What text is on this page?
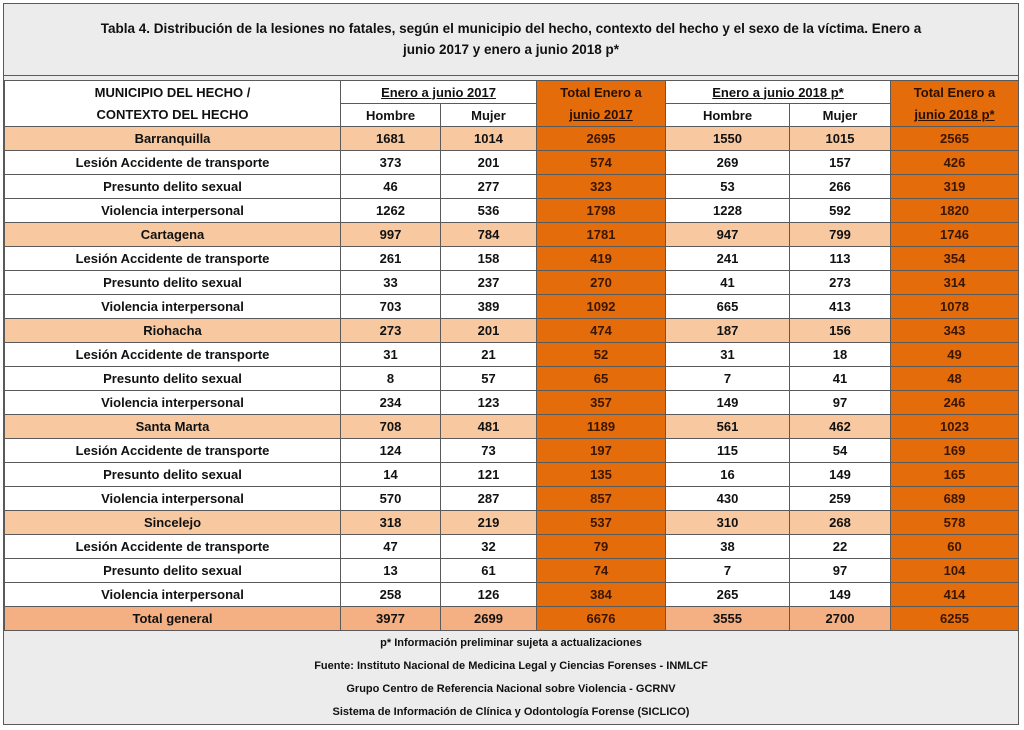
Tabla 4. Distribución de la lesiones no fatales, según el municipio del hecho, contexto del hecho y el sexo de la víctima. Enero a
junio 2017 y enero a junio 2018 p*
MUNICIPIO DEL HECHO /	Enero a junio 2017		Total Enero a	Enero a junio 2018 p*		Total Enero a
CONTEXTO DEL HECHO	Hombre	Mujer	junio 2017	Hombre	Mujer	junio 2018 p*
Barranquilla	1681	1014	2695	1550	1015	2565
Lesión Accidente de transporte	373	201	574	269	157	426
Presunto delito sexual	46	277	323	53	266	319
Violencia interpersonal	1262	536	1798	1228	592	1820
Cartagena	997	784	1781	947	799	1746
Lesión Accidente de transporte	261	158	419	241	113	354
Presunto delito sexual	33	237	270	41	273	314
Violencia interpersonal	703	389	1092	665	413	1078
Riohacha	273	201	474	187	156	343
Lesión Accidente de transporte	31	21	52	31	18	49
Presunto delito sexual	8	57	65	7	41	48
Violencia interpersonal	234	123	357	149	97	246
Santa Marta	708	481	1189	561	462	1023
Lesión Accidente de transporte	124	73	197	115	54	169
Presunto delito sexual	14	121	135	16	149	165
Violencia interpersonal	570	287	857	430	259	689
Sincelejo	318	219	537	310	268	578
Lesión Accidente de transporte	47	32	79	38	22	60
Presunto delito sexual	13	61	74	7	97	104
Violencia interpersonal	258	126	384	265	149	414
Total general	3977	2699	6676	3555	2700	6255
p* Información preliminar sujeta a actualizaciones
Fuente: Instituto Nacional de Medicina Legal y Ciencias Forenses - INMLCF
Grupo Centro de Referencia Nacional sobre Violencia - GCRNV
Sistema de Información de Clínica y Odontología Forense (SICLICO)
